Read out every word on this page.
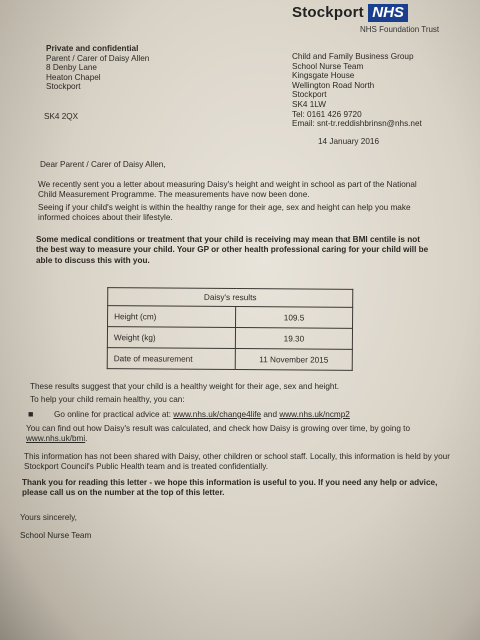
Stockport NHS
NHS Foundation Trust
Private and confidential
Parent / Carer of Daisy Allen
8 Denby Lane
Heaton Chapel
Stockport
SK4 2QX
Child and Family Business Group
School Nurse Team
Kingsgate House
Wellington Road North
Stockport
SK4 1LW
Tel: 0161 426 9720
Email: snt-tr.reddishbrinsn@nhs.net
14 January 2016
Dear Parent / Carer of Daisy Allen,
We recently sent you a letter about measuring Daisy's height and weight in school as part of the National Child Measurement Programme. The measurements have now been done.
Seeing if your child's weight is within the healthy range for their age, sex and height can help you make informed choices about their lifestyle.
Some medical conditions or treatment that your child is receiving may mean that BMI centile is not the best way to measure your child. Your GP or other health professional caring for your child will be able to discuss this with you.
Daisy's results	
Height (cm)	109.5
Weight (kg)	19.30
Date of measurement	11 November 2015
These results suggest that your child is a healthy weight for their age, sex and height.
To help your child remain healthy, you can:
■	Go online for practical advice at: www.nhs.uk/change4life and www.nhs.uk/ncmp2
You can find out how Daisy's result was calculated, and check how Daisy is growing over time, by going to www.nhs.uk/bmi.
This information has not been shared with Daisy, other children or school staff. Locally, this information is held by your Stockport Council's Public Health team and is treated confidentially.
Thank you for reading this letter - we hope this information is useful to you. If you need any help or advice, please call us on the number at the top of this letter.
Yours sincerely,
School Nurse Team
